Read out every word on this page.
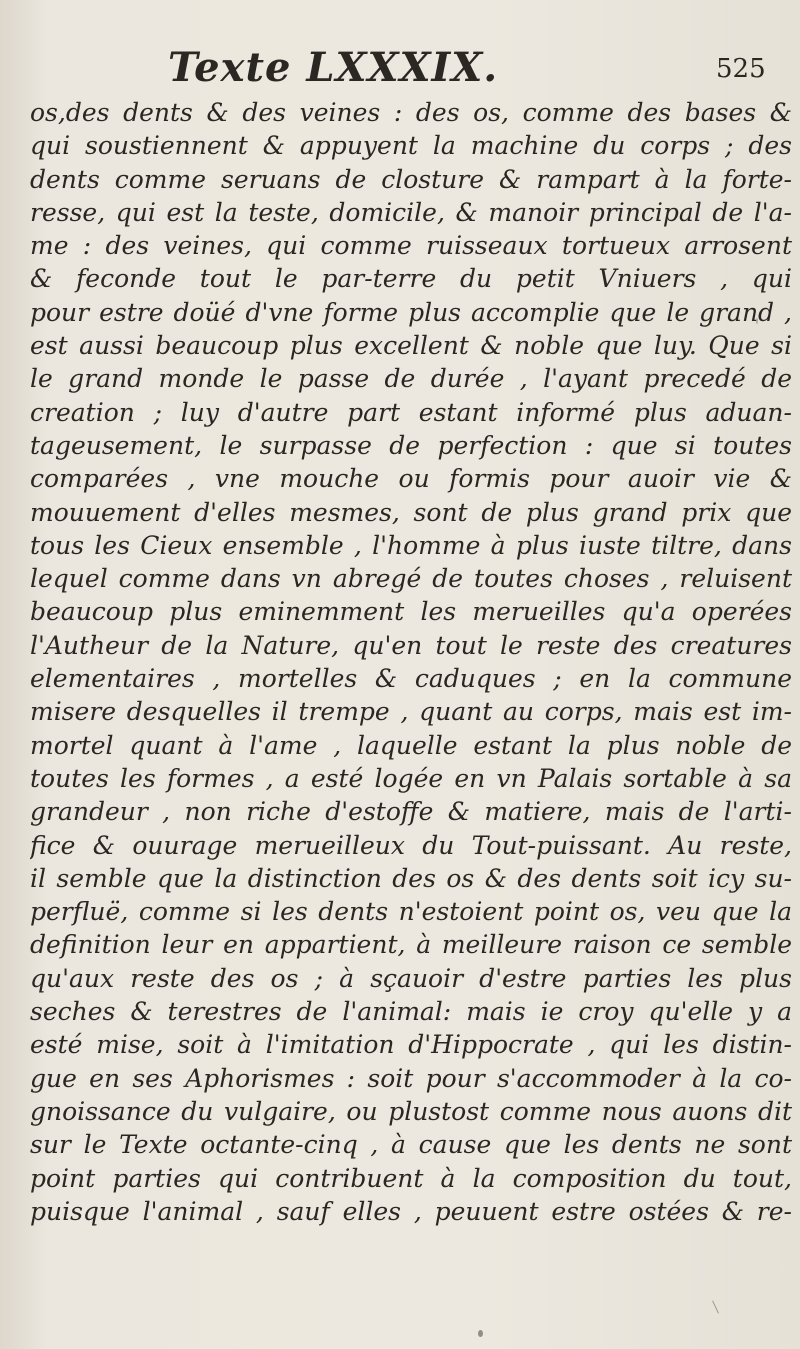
Texte LXXXIX.	525
os,des dents & des veines : des os, comme des bases &
qui soustiennent & appuyent la machine du corps ; des
dents comme seruans de closture & rampart à la forte-
resse, qui est la teste, domicile, & manoir principal de l'a-
me : des veines, qui comme ruisseaux tortueux arrosent
& feconde tout le par-terre du petit Vniuers , qui
pour estre doüé d'vne forme plus accomplie que le grand ,
est aussi beaucoup plus excellent & noble que luy. Que si
le grand monde le passe de durée , l'ayant precedé de
creation ; luy d'autre part estant informé plus aduan-
tageusement, le surpasse de perfection : que si toutes
comparées , vne mouche ou formis pour auoir vie &
mouuement d'elles mesmes, sont de plus grand prix que
tous les Cieux ensemble , l'homme à plus iuste tiltre, dans
lequel comme dans vn abregé de toutes choses , reluisent
beaucoup plus eminemment les merueilles qu'a operées
l'Autheur de la Nature, qu'en tout le reste des creatures
elementaires , mortelles & caduques ; en la commune
misere desquelles il trempe , quant au corps, mais est im-
mortel quant à l'ame , laquelle estant la plus noble de
toutes les formes , a esté logée en vn Palais sortable à sa
grandeur , non riche d'estoffe & matiere, mais de l'arti-
fice & ouurage merueilleux du Tout-puissant. Au reste,
il semble que la distinction des os & des dents soit icy su-
perfluë, comme si les dents n'estoient point os, veu que la
definition leur en appartient, à meilleure raison ce semble
qu'aux reste des os ; à sçauoir d'estre parties les plus
seches & terestres de l'animal: mais ie croy qu'elle y a
esté mise, soit à l'imitation d'Hippocrate , qui les distin-
gue en ses Aphorismes : soit pour s'accommoder à la co-
gnoissance du vulgaire, ou plustost comme nous auons dit
sur le Texte octante-cinq , à cause que les dents ne sont
point parties qui contribuent à la composition du tout,
puisque l'animal , sauf elles , peuuent estre ostées & re-
